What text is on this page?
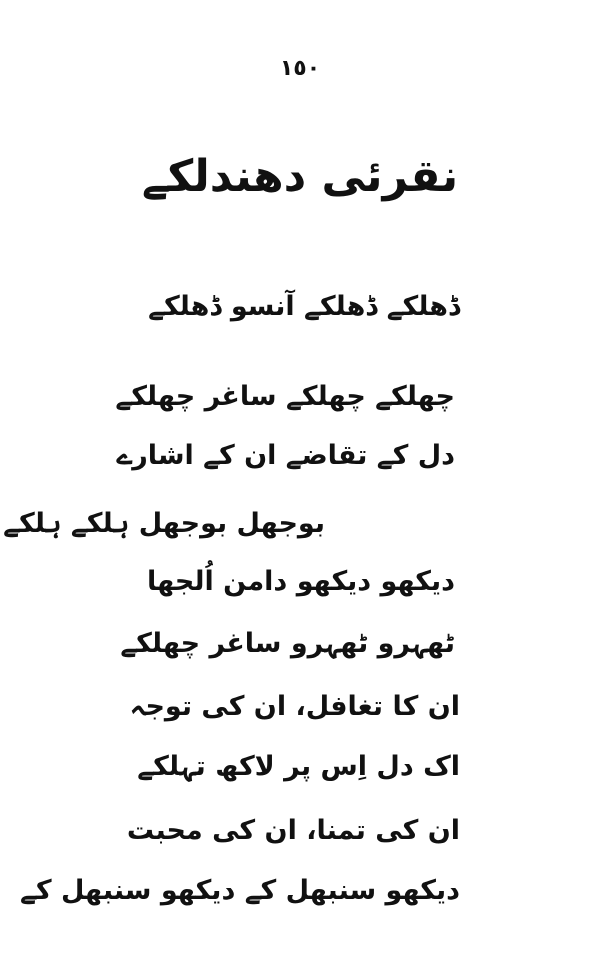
١٥٠
نقرئی دھندلکے
ڈھلکے ڈھلکے آنسو ڈھلکے
چھلکے چھلکے ساغر چھلکے
دل کے تقاضے ان کے اشارے
بوجھل بوجھل ہلکے ہلکے
دیکھو دیکھو دامن اُلجھا
ٹھہرو ٹھہرو ساغر چھلکے
ان کا تغافل، ان کی توجہ
اک دل اِس پر لاکھ تہلکے
ان کی تمنا، ان کی محبت
دیکھو سنبھل کے دیکھو سنبھل کے
